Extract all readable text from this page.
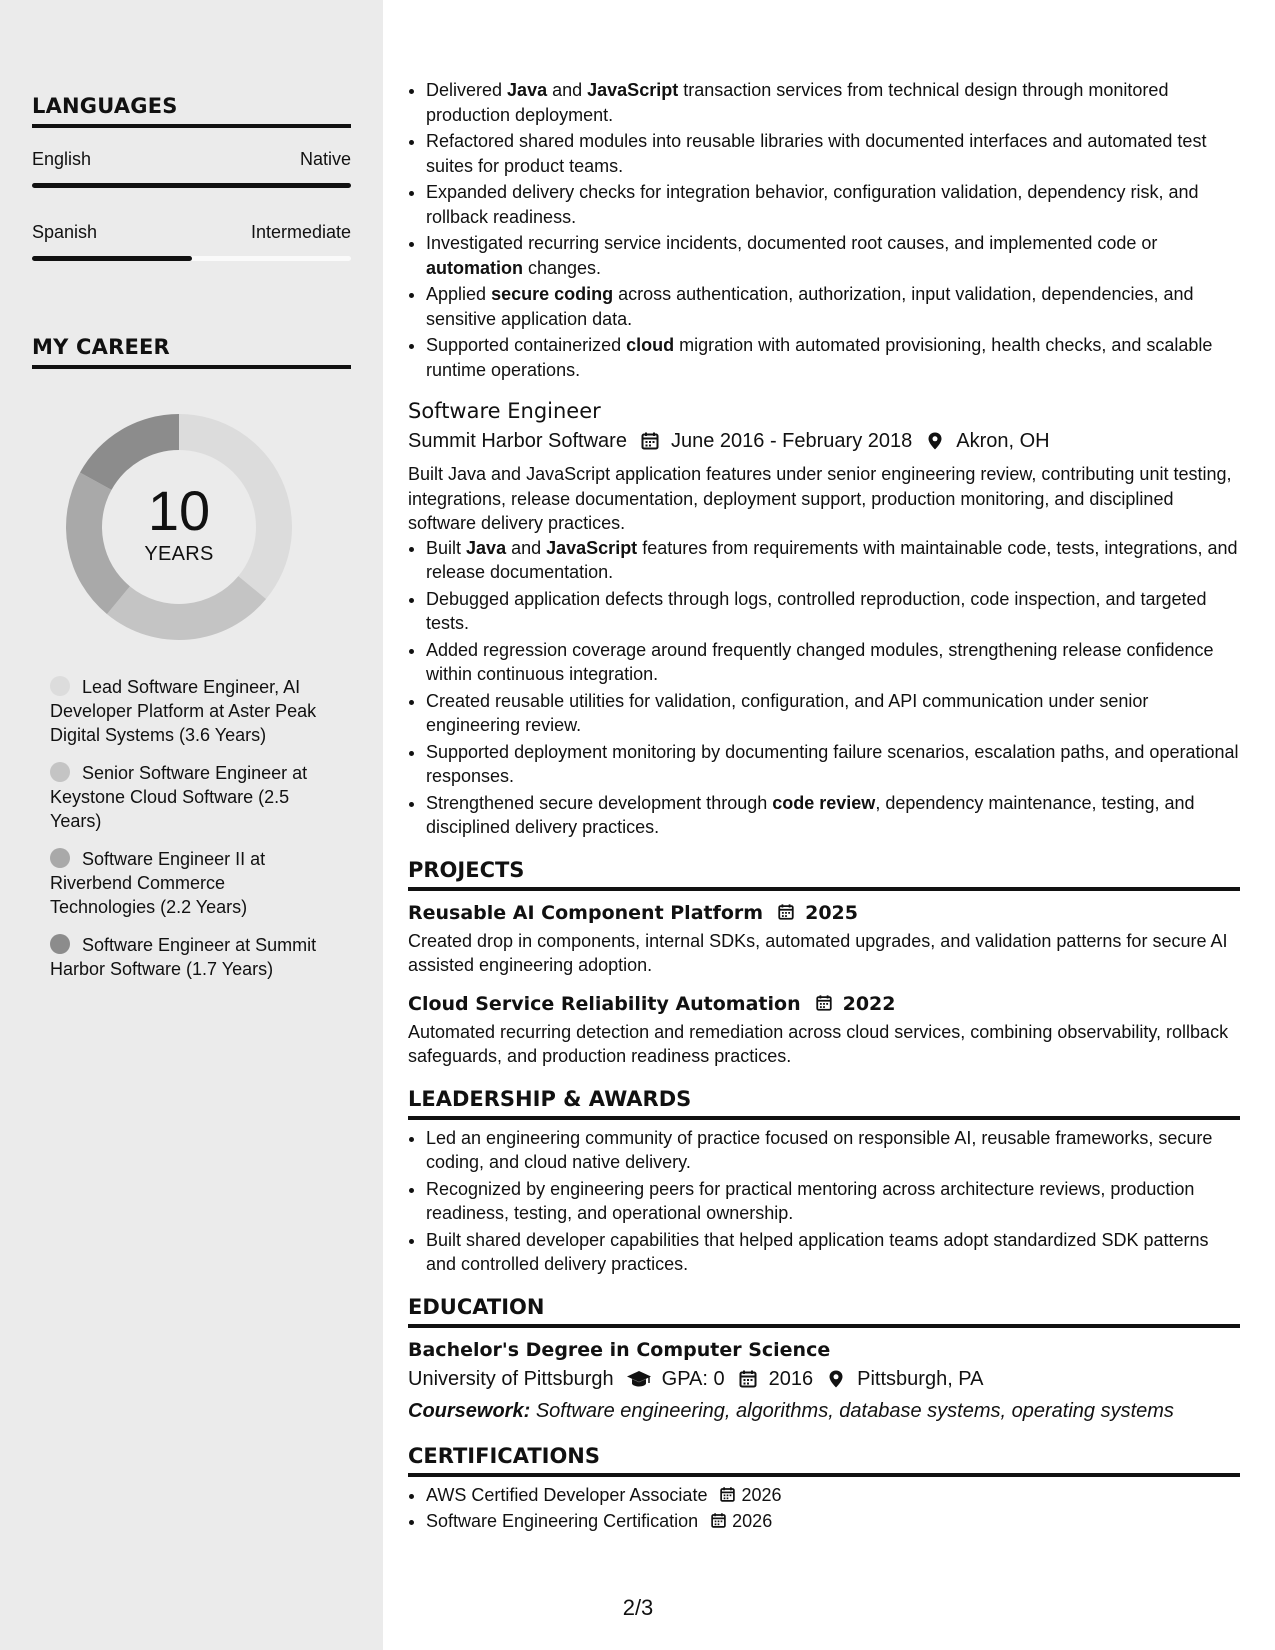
LANGUAGES
English	Native
Spanish	Intermediate
MY CAREER
10
YEARS
Lead Software Engineer, AI Developer Platform at Aster Peak Digital Systems (3.6 Years)
Senior Software Engineer at Keystone Cloud Software (2.5 Years)
Software Engineer II at Riverbend Commerce Technologies (2.2 Years)
Software Engineer at Summit Harbor Software (1.7 Years)
• Delivered Java and JavaScript transaction services from technical design through monitored production deployment.
• Refactored shared modules into reusable libraries with documented interfaces and automated test suites for product teams.
• Expanded delivery checks for integration behavior, configuration validation, dependency risk, and rollback readiness.
• Investigated recurring service incidents, documented root causes, and implemented code or automation changes.
• Applied secure coding across authentication, authorization, input validation, dependencies, and sensitive application data.
• Supported containerized cloud migration with automated provisioning, health checks, and scalable runtime operations.
Software Engineer
Summit Harbor Software June 2016 - February 2018 Akron, OH
Built Java and JavaScript application features under senior engineering review, contributing unit testing, integrations, release documentation, deployment support, production monitoring, and disciplined software delivery practices.
• Built Java and JavaScript features from requirements with maintainable code, tests, integrations, and release documentation.
• Debugged application defects through logs, controlled reproduction, code inspection, and targeted tests.
• Added regression coverage around frequently changed modules, strengthening release confidence within continuous integration.
• Created reusable utilities for validation, configuration, and API communication under senior engineering review.
• Supported deployment monitoring by documenting failure scenarios, escalation paths, and operational responses.
• Strengthened secure development through code review, dependency maintenance, testing, and disciplined delivery practices.
PROJECTS
Reusable AI Component Platform 2025
Created drop in components, internal SDKs, automated upgrades, and validation patterns for secure AI assisted engineering adoption.
Cloud Service Reliability Automation 2022
Automated recurring detection and remediation across cloud services, combining observability, rollback safeguards, and production readiness practices.
LEADERSHIP & AWARDS
• Led an engineering community of practice focused on responsible AI, reusable frameworks, secure coding, and cloud native delivery.
• Recognized by engineering peers for practical mentoring across architecture reviews, production readiness, testing, and operational ownership.
• Built shared developer capabilities that helped application teams adopt standardized SDK patterns and controlled delivery practices.
EDUCATION
Bachelor's Degree in Computer Science
University of Pittsburgh GPA: 0 2016 Pittsburgh, PA
Coursework: Software engineering, algorithms, database systems, operating systems
CERTIFICATIONS
• AWS Certified Developer Associate 2026
• Software Engineering Certification 2026
2/3
